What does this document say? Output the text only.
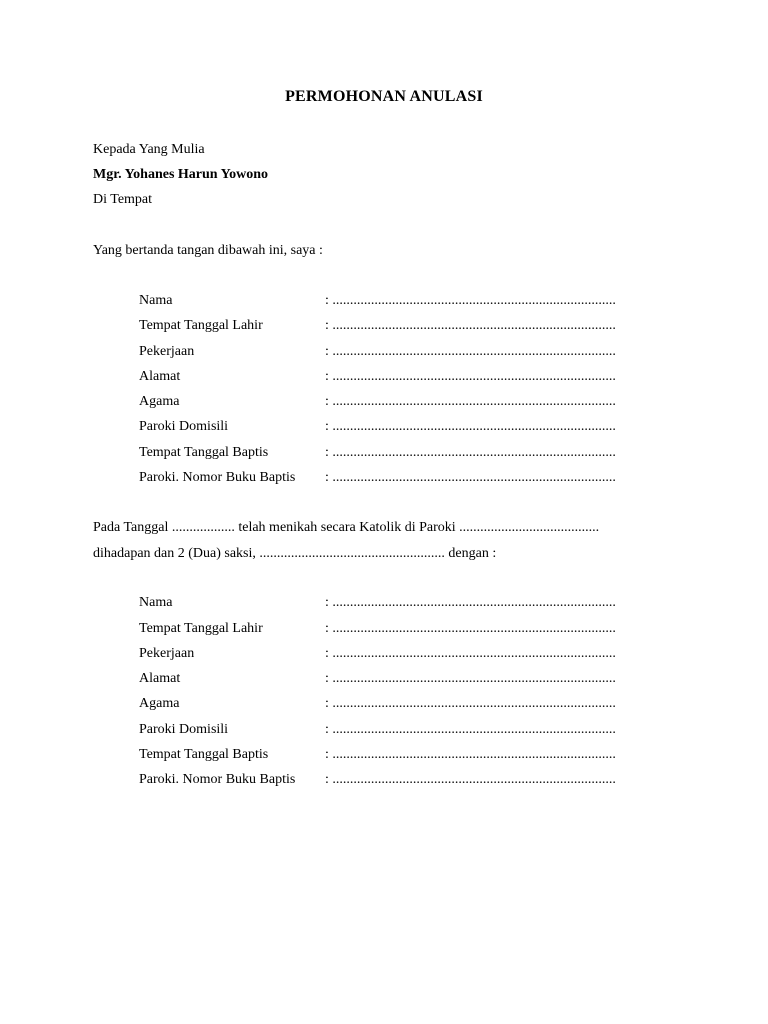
PERMOHONAN ANULASI
Kepada Yang Mulia
Mgr. Yohanes Harun Yowono
Di Tempat
Yang bertanda tangan dibawah ini, saya :
Nama	: .................................................................................
Tempat Tanggal Lahir	: .................................................................................
Pekerjaan	: .................................................................................
Alamat	: .................................................................................
Agama	: .................................................................................
Paroki Domisili	: .................................................................................
Tempat Tanggal Baptis	: .................................................................................
Paroki. Nomor Buku Baptis : .................................................................................
Pada Tanggal .................. telah menikah secara Katolik di Paroki ........................................
dihadapan dan 2 (Dua) saksi, ..................................................... dengan :
Nama	: .................................................................................
Tempat Tanggal Lahir	: .................................................................................
Pekerjaan	: .................................................................................
Alamat	: .................................................................................
Agama	: .................................................................................
Paroki Domisili	: .................................................................................
Tempat Tanggal Baptis	: .................................................................................
Paroki. Nomor Buku Baptis : .................................................................................
